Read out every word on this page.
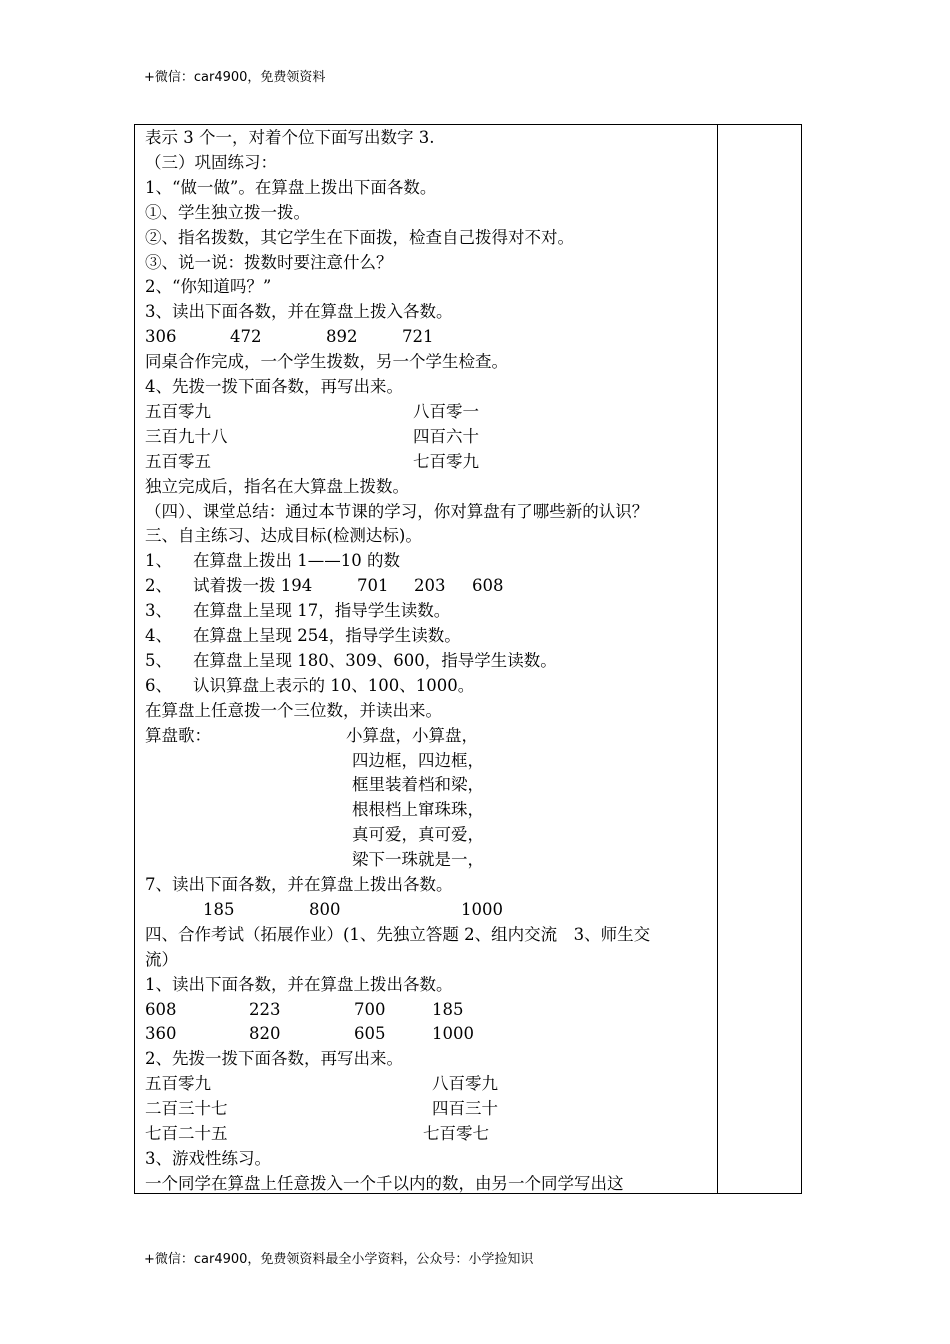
+微信：car4900，免费领资料
表示 3 个一，对着个位下面写出数字 3.
（三）巩固练习：
1、“做一做”。在算盘上拨出下面各数。
①、学生独立拨一拨。
②、指名拨数，其它学生在下面拨，检查自己拨得对不对。
③、说一说：拨数时要注意什么？
2、“你知道吗？”
3、读出下面各数，并在算盘上拨入各数。
306	472	892	721
同桌合作完成，一个学生拨数，另一个学生检查。
4、先拨一拨下面各数，再写出来。
五百零九	八百零一
三百九十八	四百六十
五百零五	七百零九
独立完成后，指名在大算盘上拨数。
（四）、课堂总结：通过本节课的学习，你对算盘有了哪些新的认识？
三、自主练习、达成目标(检测达标)。
1、 在算盘上拨出 1——10 的数
2、 试着拨一拨 194	701 203 608
3、 在算盘上呈现 17，指导学生读数。
4、 在算盘上呈现 254，指导学生读数。
5、 在算盘上呈现 180、309、600，指导学生读数。
6、 认识算盘上表示的 10、100、1000。
在算盘上任意拨一个三位数，并读出来。
算盘歌：	小算盘，小算盘，
四边框，四边框，
框里装着档和梁，
根根档上窜珠珠，
真可爱，真可爱，
梁下一珠就是一，
7、读出下面各数，并在算盘上拨出各数。
185	800	1000
四、合作考试（拓展作业）(1、先独立答题 2、组内交流　3、师生交
流）
1、读出下面各数，并在算盘上拨出各数。
608	223	700	185
360	820	605	1000
2、先拨一拨下面各数，再写出来。
五百零九	八百零九
二百三十七	四百三十
七百二十五	七百零七
3、游戏性练习。
一个同学在算盘上任意拨入一个千以内的数，由另一个同学写出这
+微信：car4900，免费领资料最全小学资料，公众号：小学捡知识
